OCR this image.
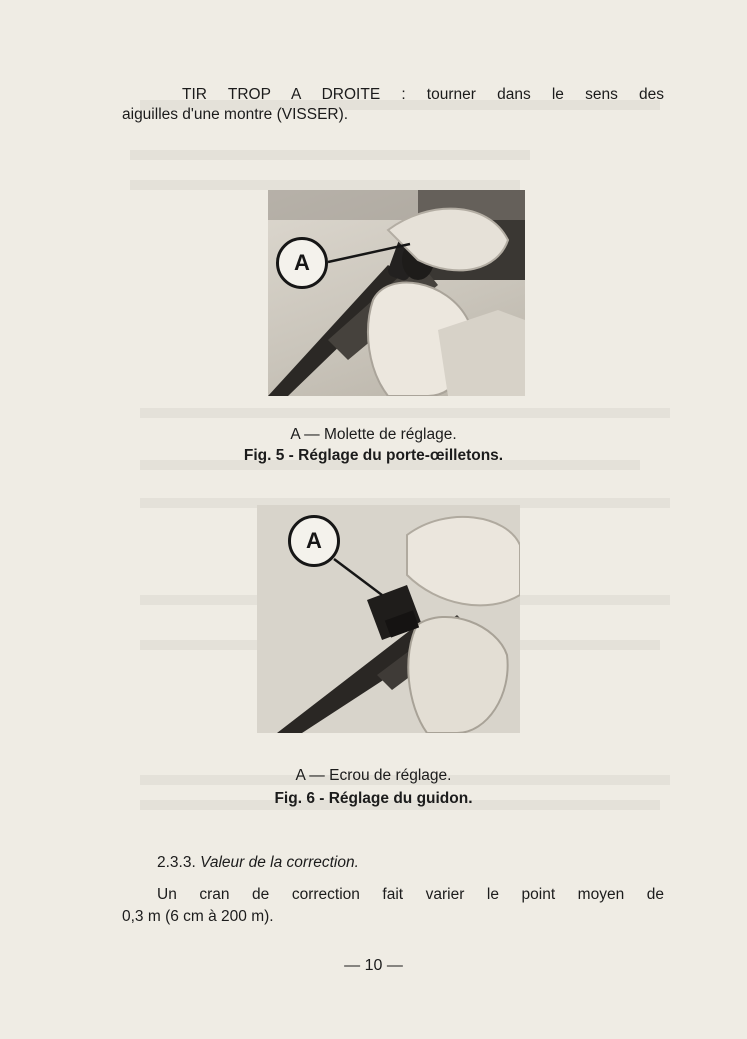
TIR TROP A DROITE : tourner dans le sens des
aiguilles d'une montre (VISSER).
A
A — Molette de réglage.
Fig. 5 - Réglage du porte-œilletons.
A
A — Ecrou de réglage.
Fig. 6 - Réglage du guidon.
2.3.3. Valeur de la correction.
Un cran de correction fait varier le point moyen de
0,3 m (6 cm à 200 m).
— 10 —
